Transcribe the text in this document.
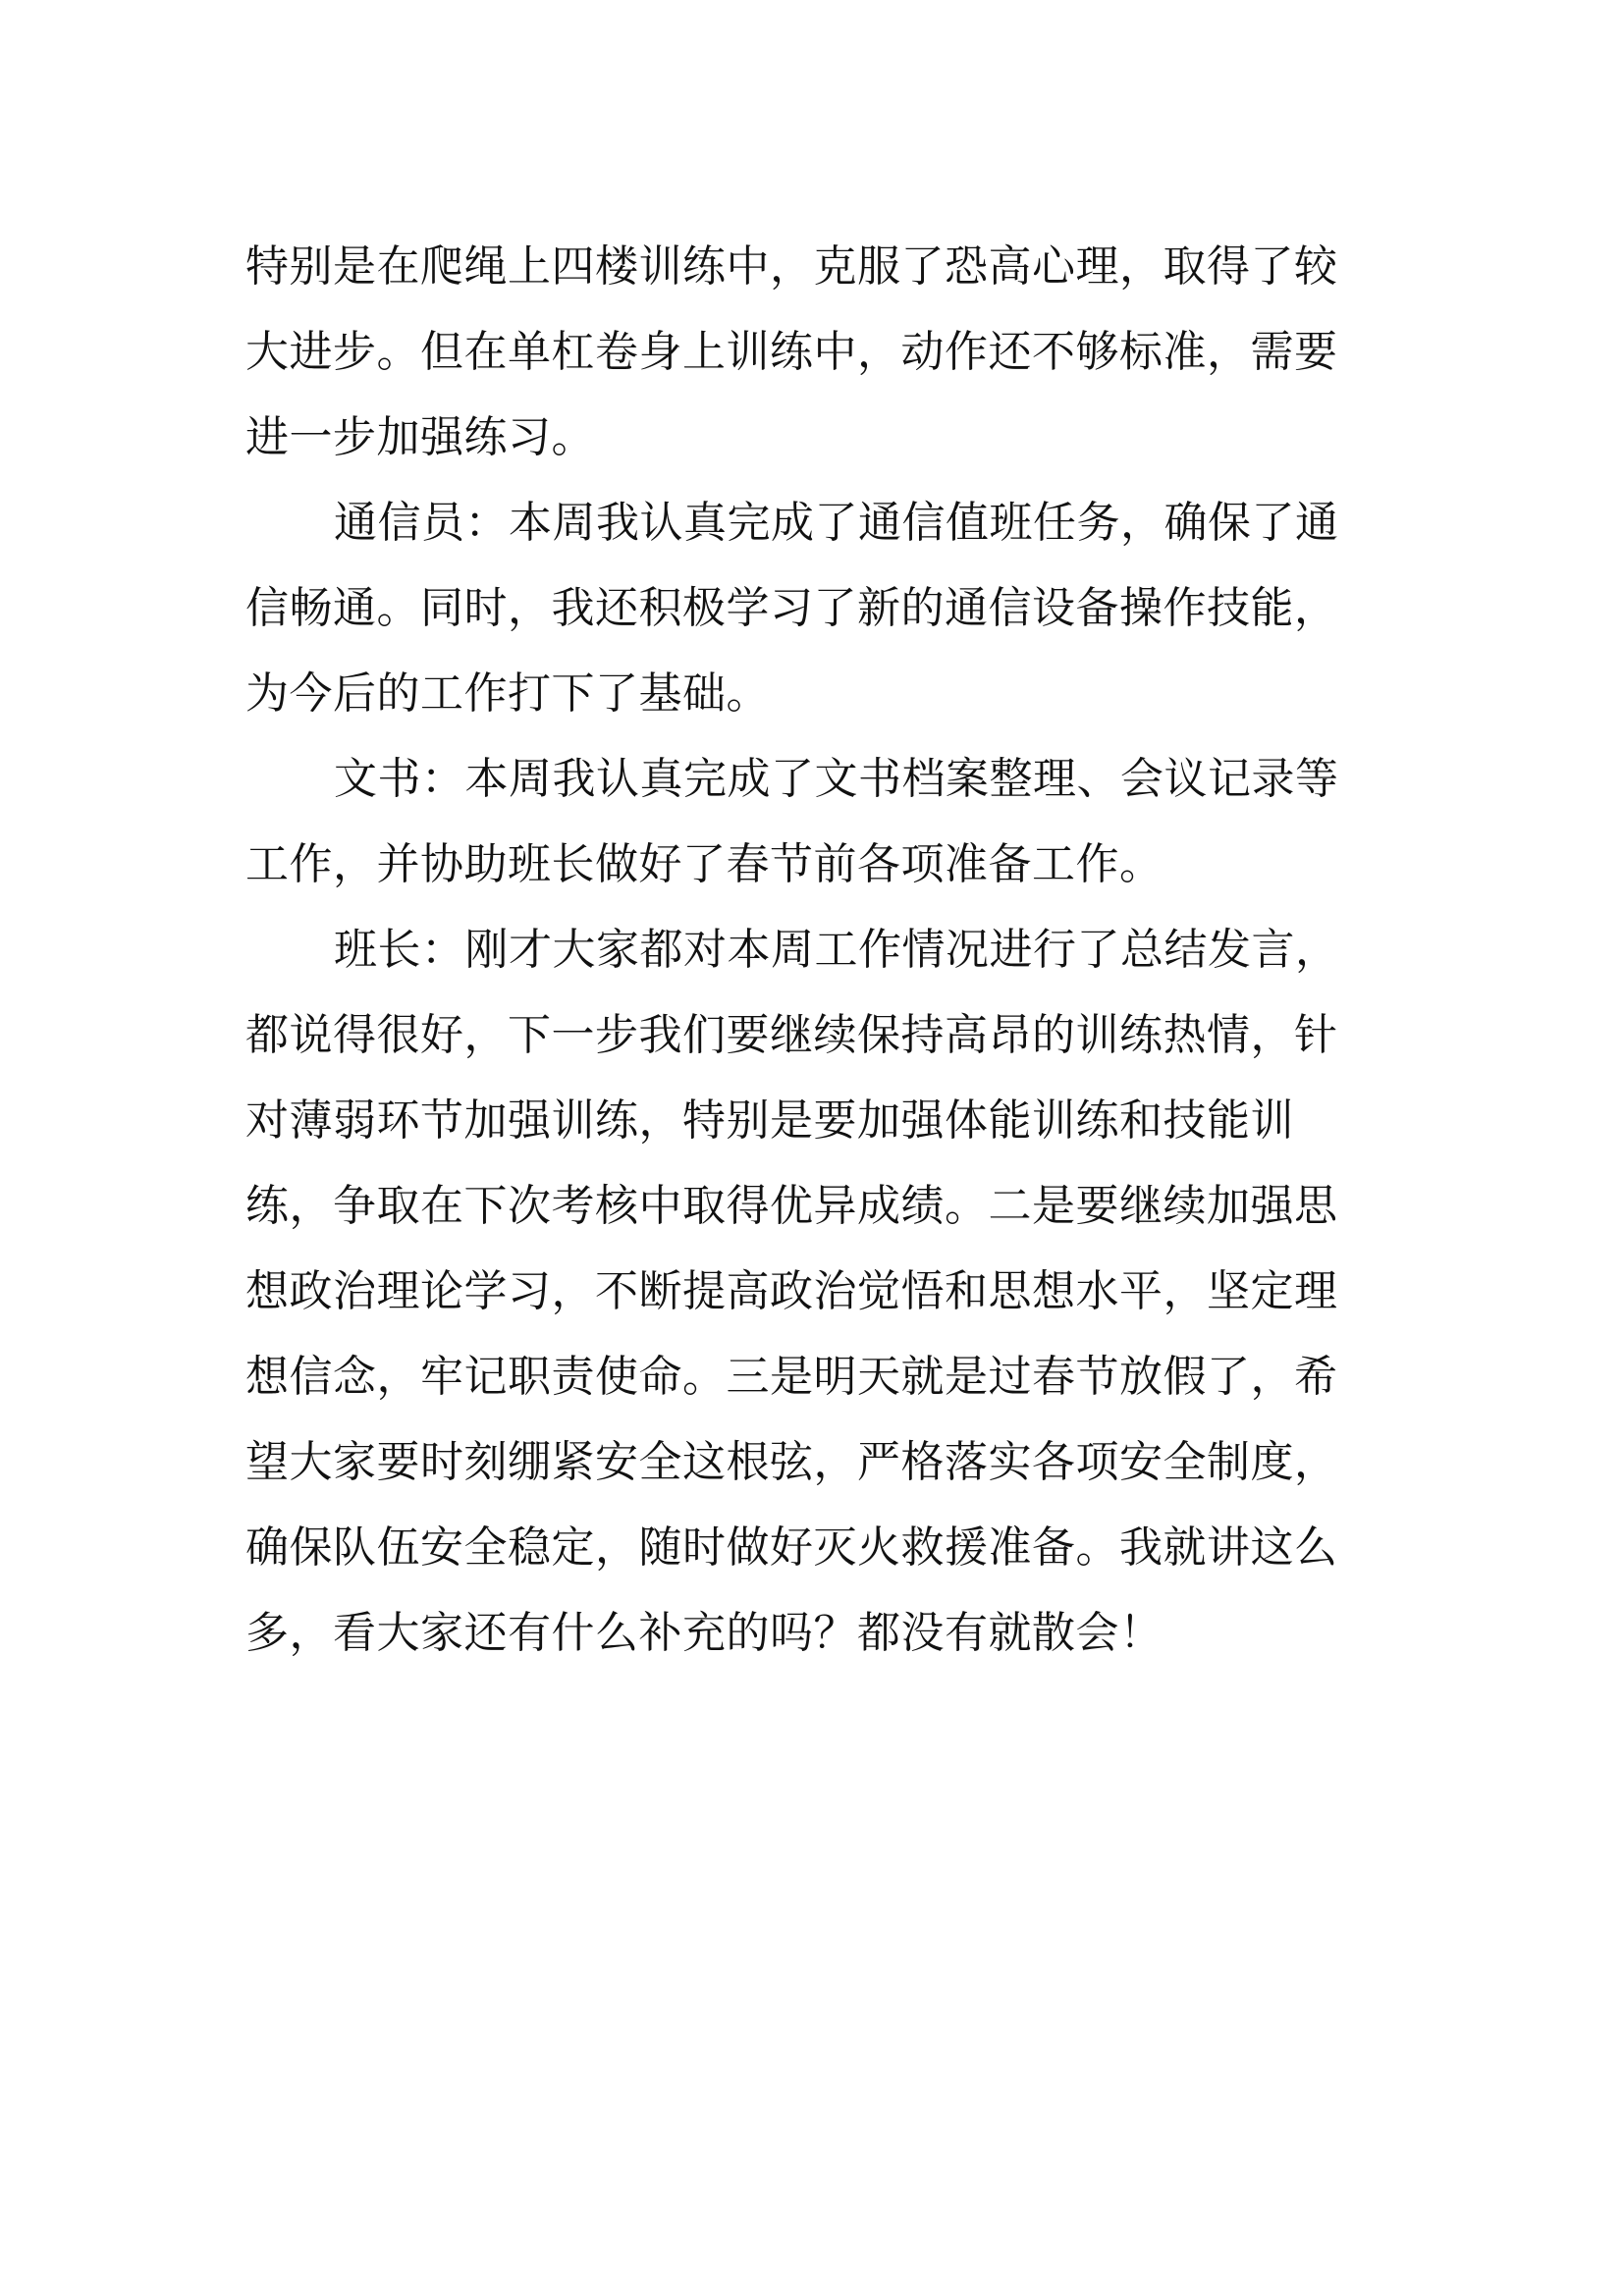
特别是在爬绳上四楼训练中，克服了恐高心理，取得了较
大进步。但在单杠卷身上训练中，动作还不够标准，需要
进一步加强练习。
通信员：本周我认真完成了通信值班任务，确保了通
信畅通。同时，我还积极学习了新的通信设备操作技能，
为今后的工作打下了基础。
文书：本周我认真完成了文书档案整理、会议记录等
工作，并协助班长做好了春节前各项准备工作。
班长：刚才大家都对本周工作情况进行了总结发言，
都说得很好，下一步我们要继续保持高昂的训练热情，针
对薄弱环节加强训练，特别是要加强体能训练和技能训
练，争取在下次考核中取得优异成绩。二是要继续加强思
想政治理论学习，不断提高政治觉悟和思想水平，坚定理
想信念，牢记职责使命。三是明天就是过春节放假了，希
望大家要时刻绷紧安全这根弦，严格落实各项安全制度，
确保队伍安全稳定，随时做好灭火救援准备。我就讲这么
多，看大家还有什么补充的吗？都没有就散会！
